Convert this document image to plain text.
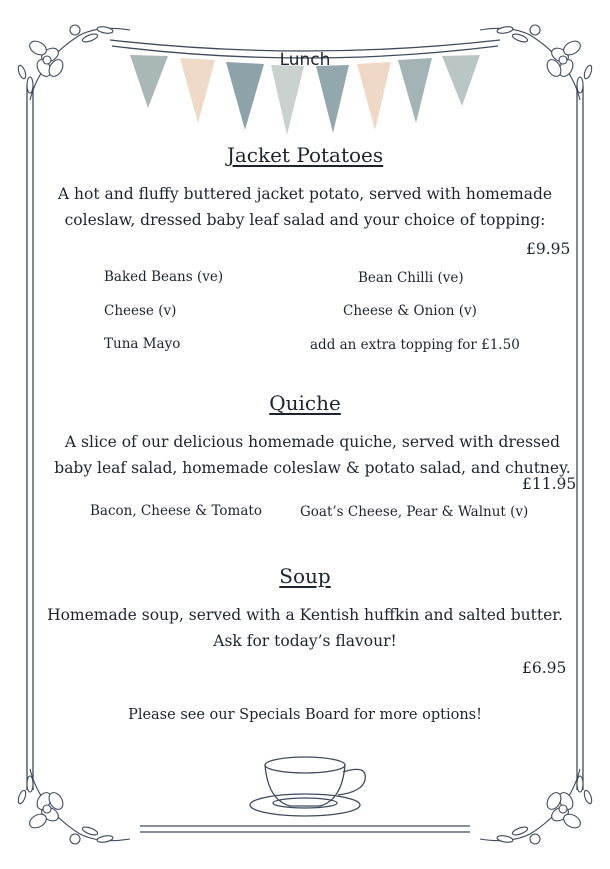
Lunch
Jacket Potatoes
A hot and fluffy buttered jacket potato, served with homemade coleslaw, dressed baby leaf salad and your choice of topping:
£9.95
Baked Beans (ve)	Bean Chilli (ve)
Cheese (v)	Cheese & Onion (v)
Tuna Mayo	add an extra topping for £1.50
Quiche
A slice of our delicious homemade quiche, served with dressed baby leaf salad, homemade coleslaw & potato salad, and chutney.
£11.95
Bacon, Cheese & Tomato	Goat’s Cheese, Pear & Walnut (v)
Soup
Homemade soup, served with a Kentish huffkin and salted butter.
Ask for today’s flavour!
£6.95
Please see our Specials Board for more options!
